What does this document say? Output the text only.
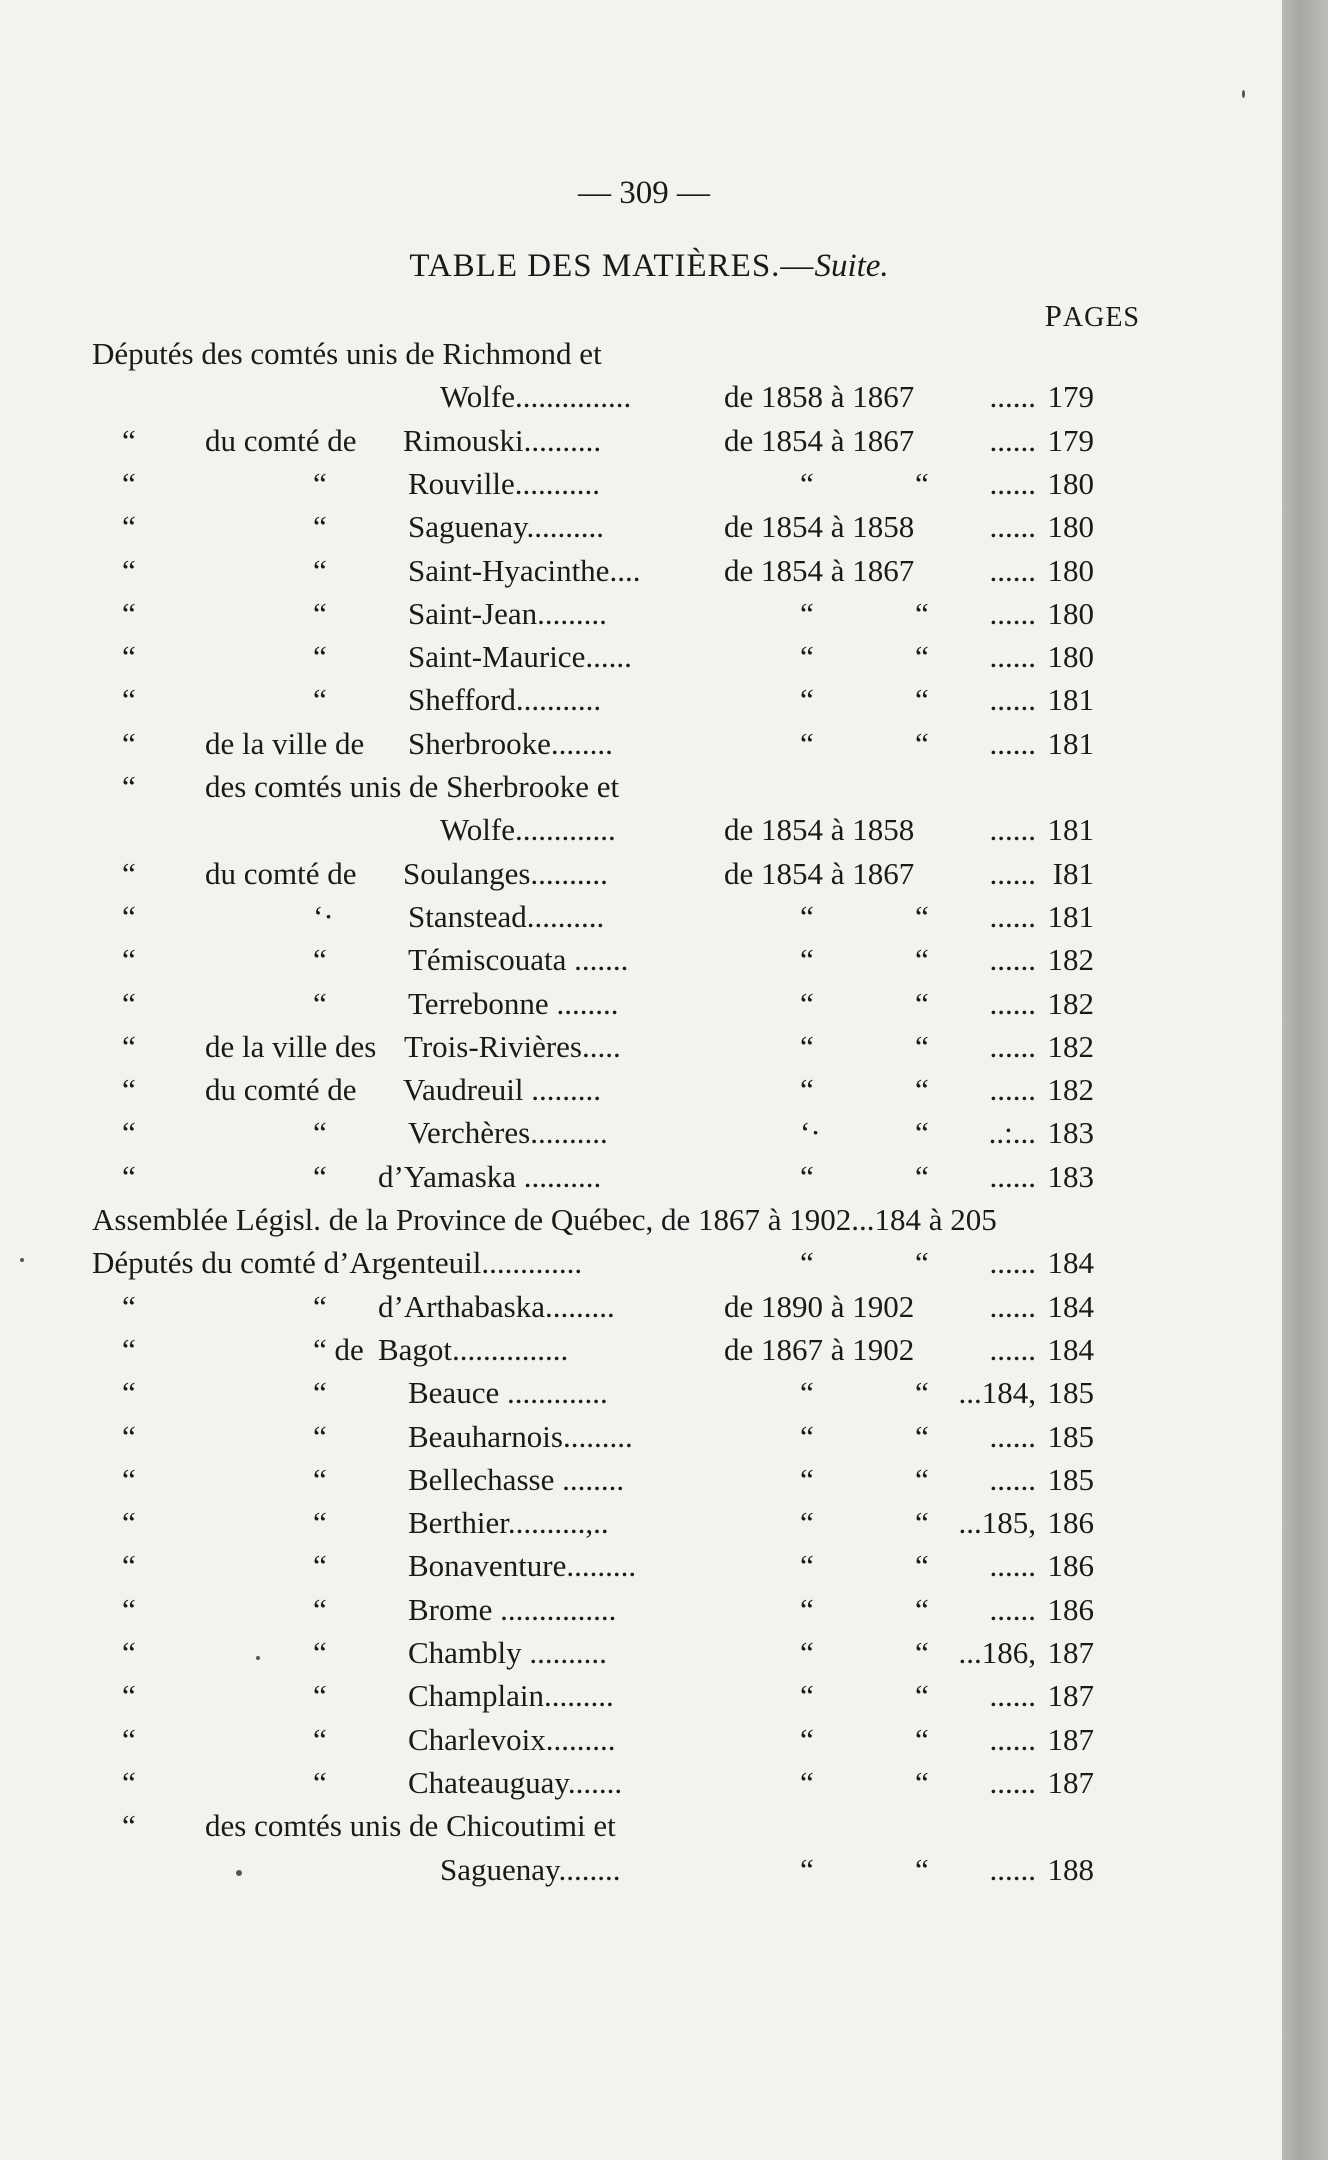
— 309 —
TABLE DES MATIÈRES.—Suite.
PAGES
Députés des comtés unis de Richmond et
Wolfe...............	de 1858 à 1867 ...... 179
“ du comté de Rimouski..........	de 1854 à 1867 ...... 179
“	“	Rouville...........	“	“ ...... 180
“	“	Saguenay..........	de 1854 à 1858 ...... 180
“	“	Saint-Hyacinthe....	de 1854 à 1867 ...... 180
“	“	Saint-Jean.........	“	“ ...... 180
“	“	Saint-Maurice......	“	“ ...... 180
“	“	Shefford...........	“	“ ...... 181
“ de la ville de Sherbrooke........	“	“ ...... 181
“ des comtés unis de Sherbrooke et
Wolfe.............	de 1854 à 1858 ...... 181
“ du comté de Soulanges..........	de 1854 à 1867 ...... I81
“	‘· Stanstead..........	“	“ ...... 181
“	“	Témiscouata .......	“	“ ...... 182
“	“	Terrebonne ........	“	“ ...... 182
“ de la ville des Trois-Rivières.....	“	“ ...... 182
“ du comté de Vaudreuil .........	“	“ ...... 182
“	“	Verchères..........	‘·	“ ..:... 183
“	“ d’Yamaska ..........	“	“ ...... 183
Assemblée Législ. de la Province de Québec, de 1867 à 1902...184 à 205
Députés du comté d’Argenteuil.............	“	“ ...... 184
“	“ d’Arthabaska.........	de 1890 à 1902 ...... 184
“	“ de Bagot...............	de 1867 à 1902 ...... 184
“	“	Beauce .............	“	“ ...184, 185
“	“	Beauharnois.........	“	“ ...... 185
“	“	Bellechasse ........	“	“ ...... 185
“	“	Berthier..........,..	“	“ ...185, 186
“	“	Bonaventure.........	“	“ ...... 186
“	“	Brome ...............	“	“ ...... 186
“	“	Chambly ..........	“	“ ...186, 187
“	“	Champlain.........	“	“ ...... 187
“	“	Charlevoix.........	“	“ ...... 187
“	“	Chateauguay.......	“	“ ...... 187
“ des comtés unis de Chicoutimi et
Saguenay........	“	“ ...... 188
